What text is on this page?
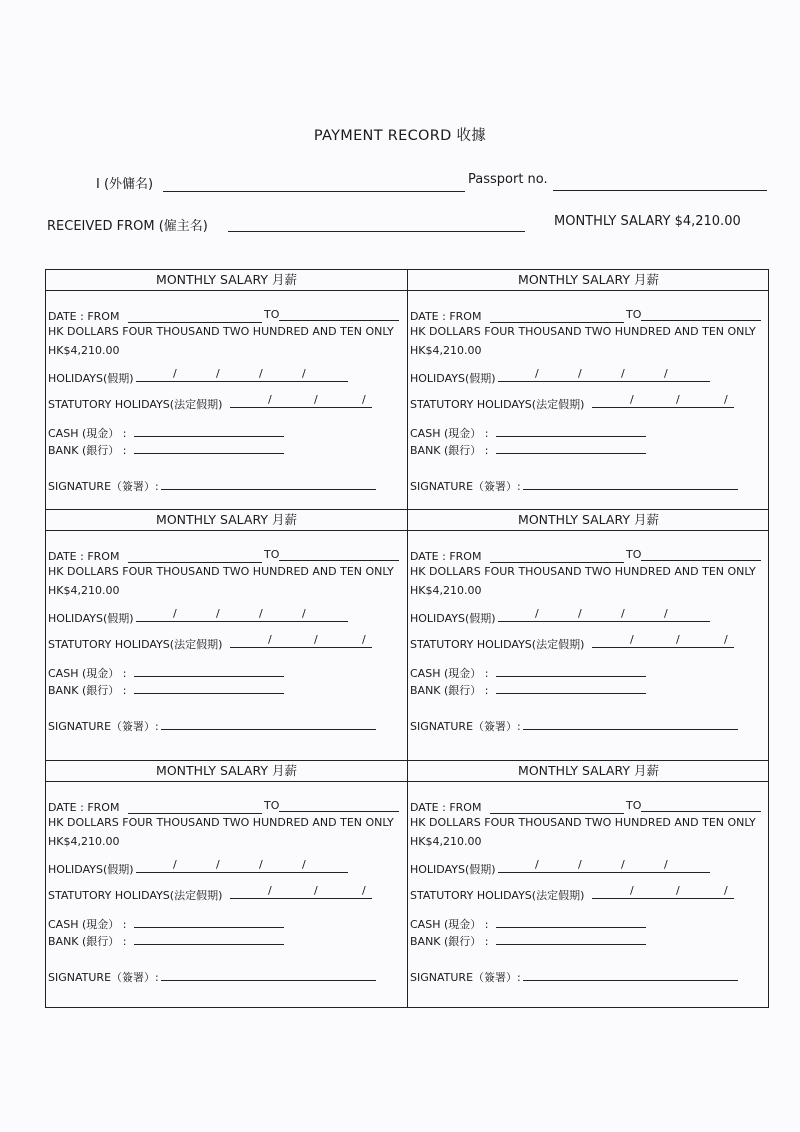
PAYMENT RECORD 收據
I (外傭名)	Passport no.
RECEIVED FROM (僱主名)	MONTHLY SALARY $4,210.00
MONTHLY SALARY 月薪
DATE : FROM	TO
HK DOLLARS FOUR THOUSAND TWO HUNDRED AND TEN ONLY
HK$4,210.00
HOLIDAYS(假期)	/	/	/	/
STATUTORY HOLIDAYS(法定假期)	/	/	/
CASH (現金） :
BANK (銀行） :
SIGNATURE（簽署）:
MONTHLY SALARY 月薪
DATE : FROM	TO
HK DOLLARS FOUR THOUSAND TWO HUNDRED AND TEN ONLY
HK$4,210.00
HOLIDAYS(假期)	/	/	/	/
STATUTORY HOLIDAYS(法定假期)	/	/	/
CASH (現金） :
BANK (銀行） :
SIGNATURE（簽署）:
MONTHLY SALARY 月薪
DATE : FROM	TO
HK DOLLARS FOUR THOUSAND TWO HUNDRED AND TEN ONLY
HK$4,210.00
HOLIDAYS(假期)	/	/	/	/
STATUTORY HOLIDAYS(法定假期)	/	/	/
CASH (現金） :
BANK (銀行） :
SIGNATURE（簽署）:
MONTHLY SALARY 月薪
DATE : FROM	TO
HK DOLLARS FOUR THOUSAND TWO HUNDRED AND TEN ONLY
HK$4,210.00
HOLIDAYS(假期)	/	/	/	/
STATUTORY HOLIDAYS(法定假期)	/	/	/
CASH (現金） :
BANK (銀行） :
SIGNATURE（簽署）:
MONTHLY SALARY 月薪
DATE : FROM	TO
HK DOLLARS FOUR THOUSAND TWO HUNDRED AND TEN ONLY
HK$4,210.00
HOLIDAYS(假期)	/	/	/	/
STATUTORY HOLIDAYS(法定假期)	/	/	/
CASH (現金） :
BANK (銀行） :
SIGNATURE（簽署）:
MONTHLY SALARY 月薪
DATE : FROM	TO
HK DOLLARS FOUR THOUSAND TWO HUNDRED AND TEN ONLY
HK$4,210.00
HOLIDAYS(假期)	/	/	/	/
STATUTORY HOLIDAYS(法定假期)	/	/	/
CASH (現金） :
BANK (銀行） :
SIGNATURE（簽署）:
